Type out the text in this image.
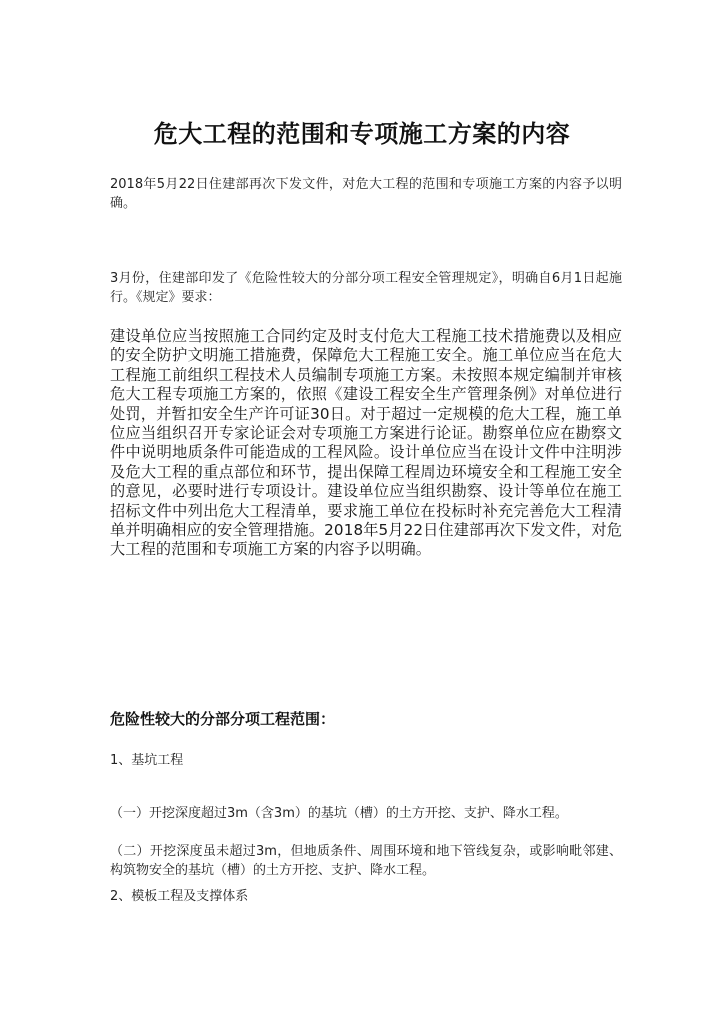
危大工程的范围和专项施工方案的内容

2018年5月22日住建部再次下发文件，对危大工程的范围和专项施工方案的内容予以明确。

3月份，住建部印发了《危险性较大的分部分项工程安全管理规定》，明确自6月1日起施行。《规定》要求：

建设单位应当按照施工合同约定及时支付危大工程施工技术措施费以及相应的安全防护文明施工措施费，保障危大工程施工安全。施工单位应当在危大工程施工前组织工程技术人员编制专项施工方案。未按照本规定编制并审核危大工程专项施工方案的，依照《建设工程安全生产管理条例》对单位进行处罚，并暂扣安全生产许可证30日。对于超过一定规模的危大工程，施工单位应当组织召开专家论证会对专项施工方案进行论证。勘察单位应在勘察文件中说明地质条件可能造成的工程风险。设计单位应当在设计文件中注明涉及危大工程的重点部位和环节，提出保障工程周边环境安全和工程施工安全的意见，必要时进行专项设计。建设单位应当组织勘察、设计等单位在施工招标文件中列出危大工程清单，要求施工单位在投标时补充完善危大工程清单并明确相应的安全管理措施。2018年5月22日住建部再次下发文件，对危大工程的范围和专项施工方案的内容予以明确。

危险性较大的分部分项工程范围：
1、基坑工程

（一）开挖深度超过3m（含3m）的基坑（槽）的土方开挖、支护、降水工程。

（二）开挖深度虽未超过3m，但地质条件、周围环境和地下管线复杂，或影响毗邻建、构筑物安全的基坑（槽）的土方开挖、支护、降水工程。

2、模板工程及支撑体系
